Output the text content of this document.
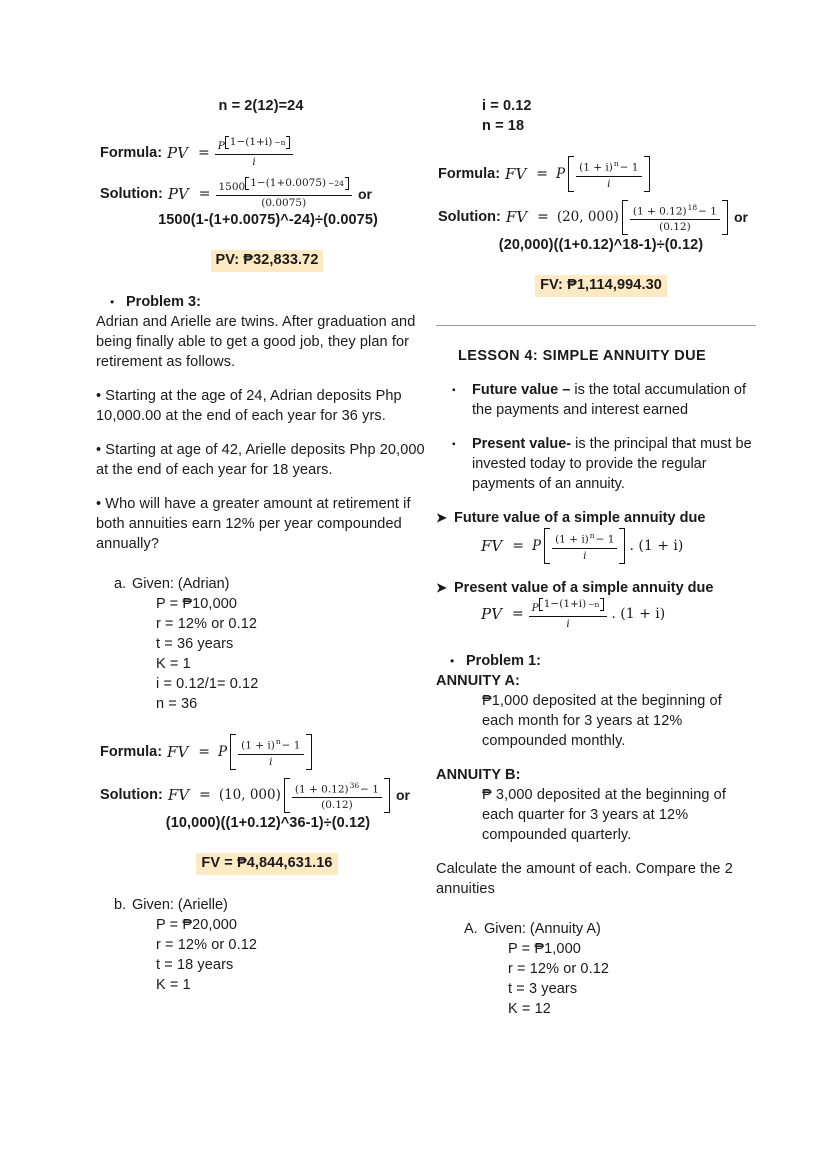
n = 2(12)=24
Formula: PV = $\frac{P 1-(1+i) -n}{i}$
Solution: PV = $\frac{1500 1-(1+0.0075) -24}{(0.0075)}$ or
1500(1-(1+0.0075)^-24)÷(0.0075)
PV: ₱32,833.72
• Problem 3:
Adrian and Arielle are twins. After graduation and being finally able to get a good job, they plan for retirement as follows.
• Starting at the age of 24, Adrian deposits Php 10,000.00 at the end of each year for 36 yrs.
• Starting at age of 42, Arielle deposits Php 20,000 at the end of each year for 18 years.
• Who will have a greater amount at retirement if both annuities earn 12% per year compounded annually?
a. Given: (Adrian)
P = ₱10,000
r = 12% or 0.12
t = 36 years
K = 1
i = 0.12/1= 0.12
n = 36
Formula: FV = P $\frac{(1 + i)^n- 1}{i}$
Solution: FV = (10, $000) \frac{(1 + 0.12)^{36}- 1}{(0.12)}$	or
(10,000)((1+0.12)^36-1)÷(0.12)
FV = ₱4,844,631.16
b. Given: (Arielle)
P = ₱20,000
r = 12% or 0.12
t = 18 years
K = 1
i = 0.12
n = 18
Formula: FV = P $\frac{(1 + i)^n- 1}{i}$
Solution: FV = (20, $000) \frac{(1 + 0.12)^{18}- 1}{(0.12)}$	or
(20,000)((1+0.12)^18-1)÷(0.12)
FV: ₱1,114,994.30
LESSON 4: SIMPLE ANNUITY DUE
▪	Future value – is the total accumulation of the payments and interest earned
▪	Present value- is the principal that must be invested today to provide the regular payments of an annuity.
➤ Future value of a simple annuity due
FV = P $\frac{(1 + i)^n- 1}{i}$ . (1 + i)
➤ Present value of a simple annuity due
PV = $\frac{P 1-(1+i) -n}{i}$ . (1 + i)
• Problem 1:
ANNUITY A:
₱1,000 deposited at the beginning of each month for 3 years at 12% compounded monthly.
ANNUITY B:
₱ 3,000 deposited at the beginning of each quarter for 3 years at 12% compounded quarterly.
Calculate the amount of each. Compare the 2 annuities
A. Given: (Annuity A)
P = ₱1,000
r = 12% or 0.12
t = 3 years
K = 12
